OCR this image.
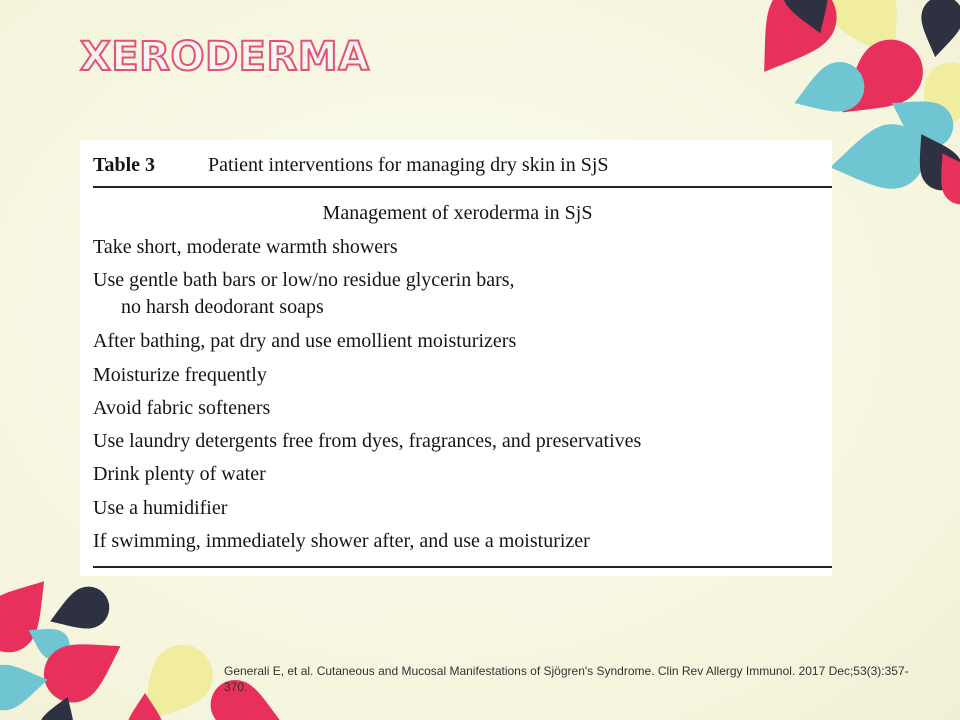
XERODERMA
Table 3	Patient interventions for managing dry skin in SjS
Management of xeroderma in SjS
Take short, moderate warmth showers
Use gentle bath bars or low/no residue glycerin bars,
no harsh deodorant soaps
After bathing, pat dry and use emollient moisturizers
Moisturize frequently
Avoid fabric softeners
Use laundry detergents free from dyes, fragrances, and preservatives
Drink plenty of water
Use a humidifier
If swimming, immediately shower after, and use a moisturizer
Generali E, et al. Cutaneous and Mucosal Manifestations of Sjögren's Syndrome. Clin Rev Allergy Immunol. 2017 Dec;53(3):357-370.
